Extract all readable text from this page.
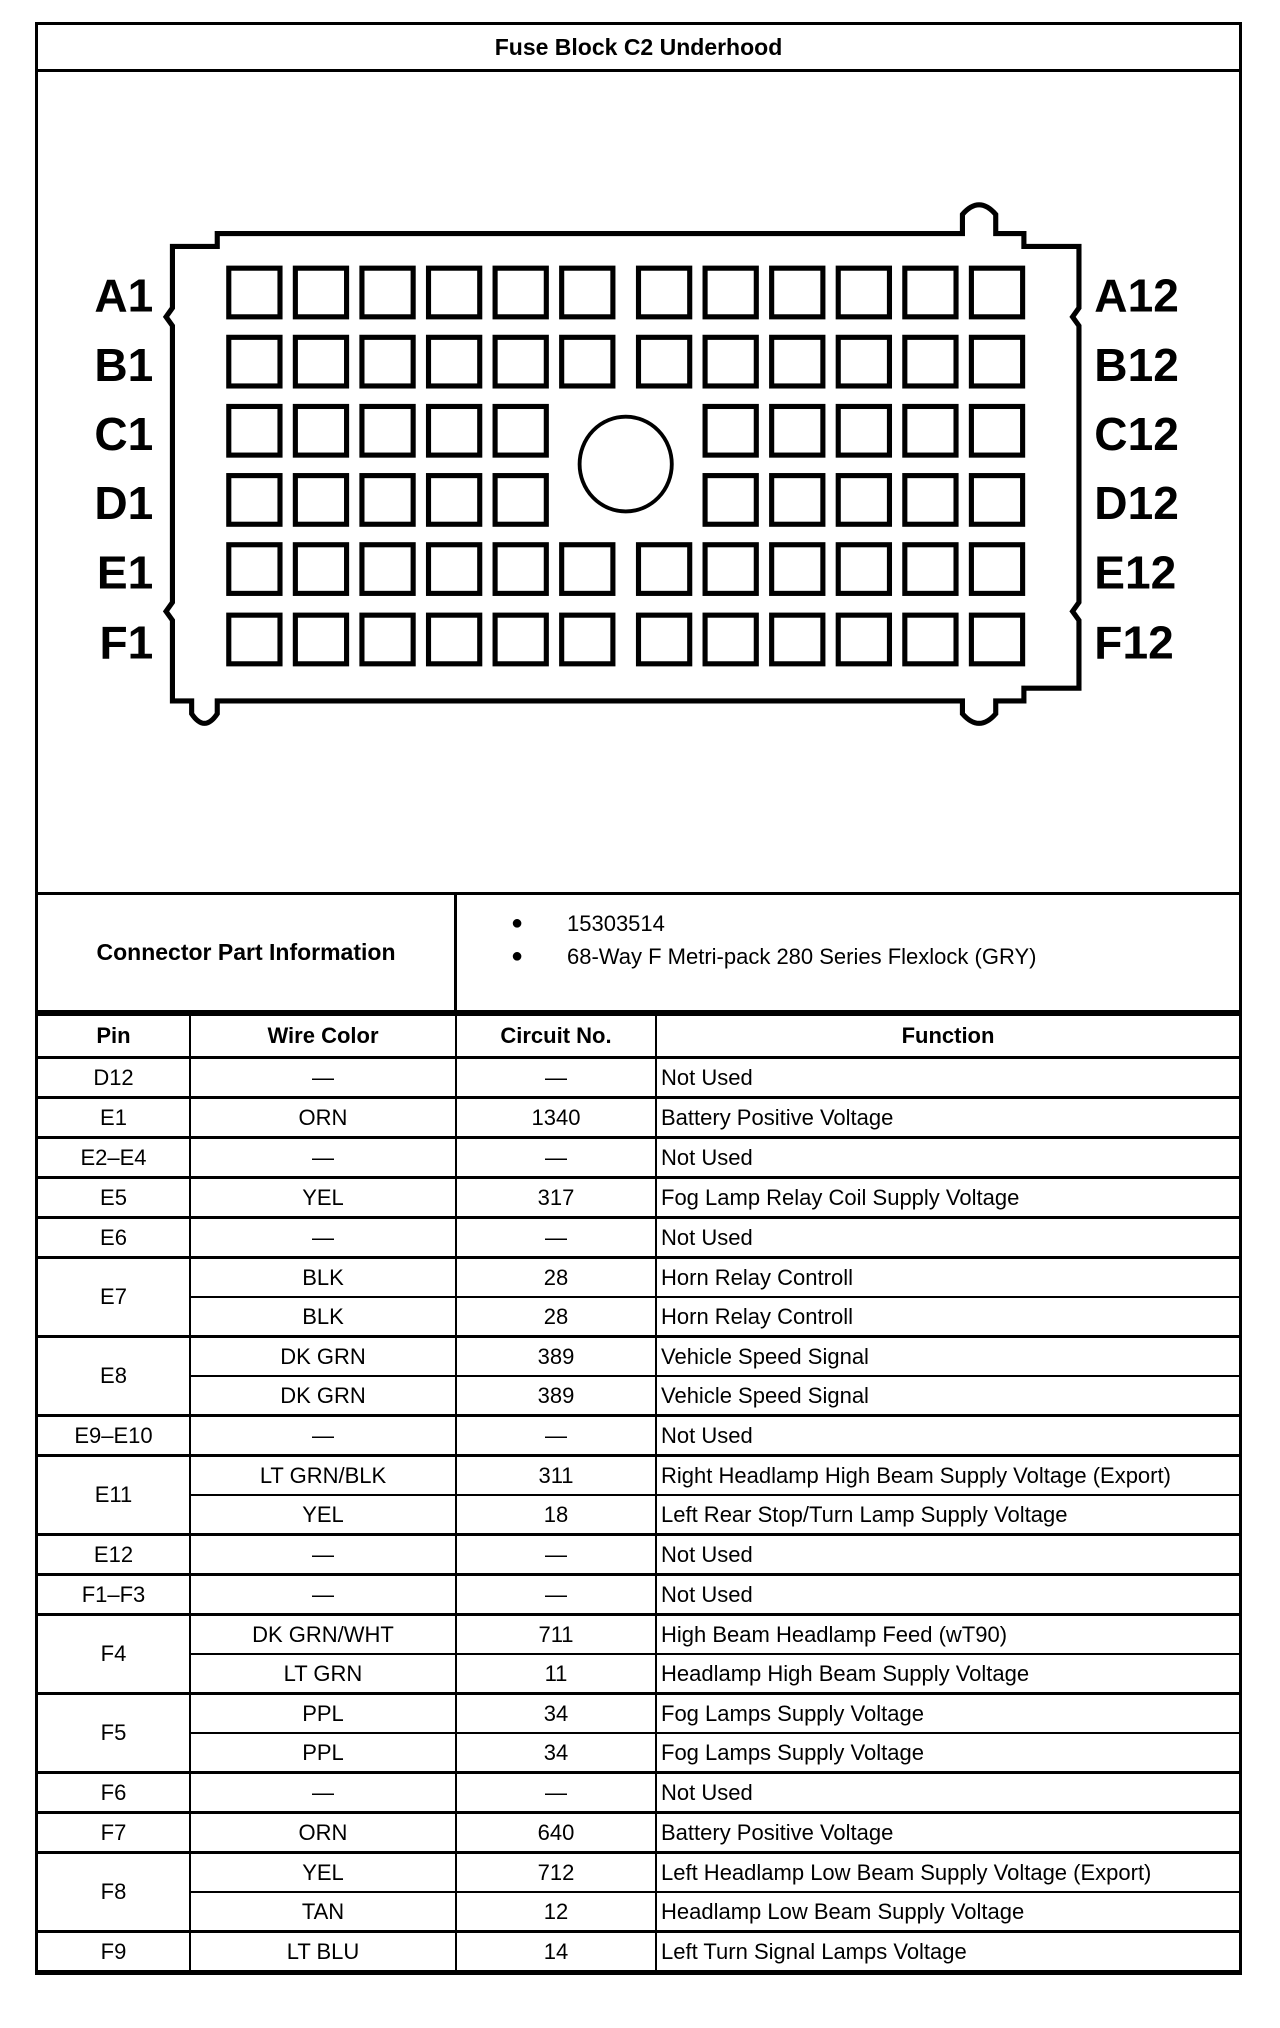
Fuse Block C2 Underhood
A1
B1
C1
D1
E1
F1
A12
B12
C12
D12
E12
F12
Connector Part Information
●	15303514
●	68-Way F Metri-pack 280 Series Flexlock (GRY)
Pin	Wire Color	Circuit No.	Function
D12	—	—	Not Used
E1	ORN	1340	Battery Positive Voltage
E2–E4	—	—	Not Used
E5	YEL	317	Fog Lamp Relay Coil Supply Voltage
E6	—	—	Not Used
E7	BLK	28	Horn Relay Controll
	BLK	28	Horn Relay Controll
E8	DK GRN	389	Vehicle Speed Signal
	DK GRN	389	Vehicle Speed Signal
E9–E10	—	—	Not Used
E11	LT GRN/BLK	311	Right Headlamp High Beam Supply Voltage (Export)
	YEL	18	Left Rear Stop/Turn Lamp Supply Voltage
E12	—	—	Not Used
F1–F3	—	—	Not Used
F4	DK GRN/WHT	711	High Beam Headlamp Feed (wT90)
	LT GRN	11	Headlamp High Beam Supply Voltage
F5	PPL	34	Fog Lamps Supply Voltage
	PPL	34	Fog Lamps Supply Voltage
F6	—	—	Not Used
F7	ORN	640	Battery Positive Voltage
F8	YEL	712	Left Headlamp Low Beam Supply Voltage (Export)
	TAN	12	Headlamp Low Beam Supply Voltage
F9	LT BLU	14	Left Turn Signal Lamps Voltage
